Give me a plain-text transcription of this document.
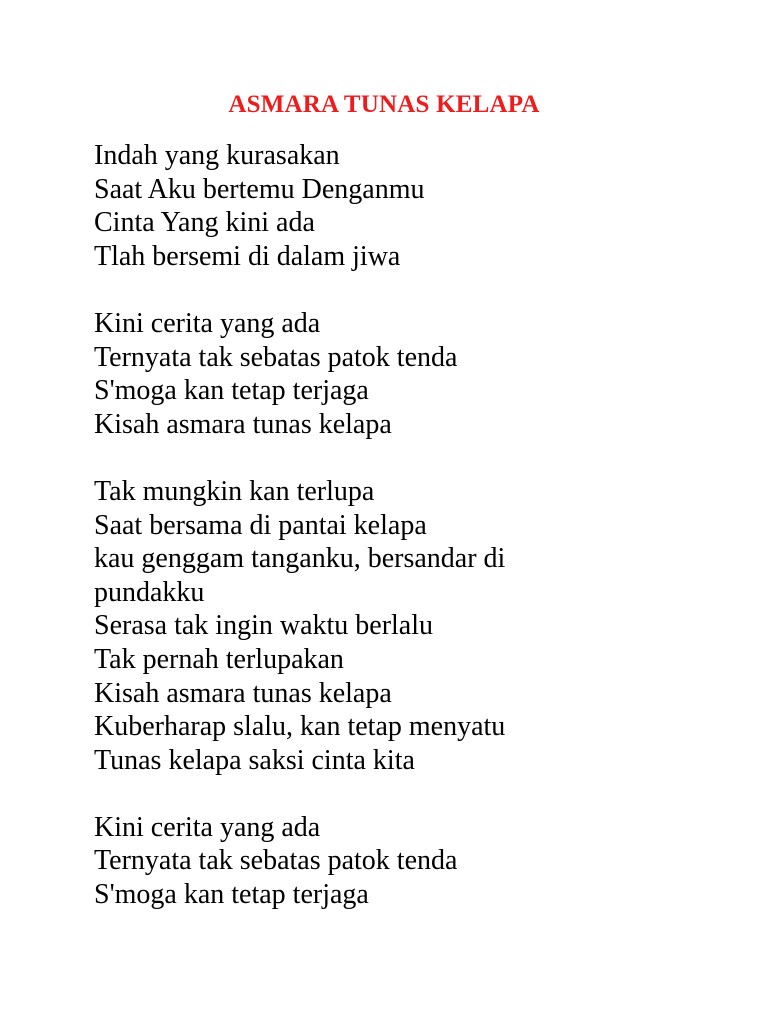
ASMARA TUNAS KELAPA
Indah yang kurasakan
Saat Aku bertemu Denganmu
Cinta Yang kini ada
Tlah bersemi di dalam jiwa
Kini cerita yang ada
Ternyata tak sebatas patok tenda
S'moga kan tetap terjaga
Kisah asmara tunas kelapa
Tak mungkin kan terlupa
Saat bersama di pantai kelapa
kau genggam tanganku, bersandar di
pundakku
Serasa tak ingin waktu berlalu
Tak pernah terlupakan
Kisah asmara tunas kelapa
Kuberharap slalu, kan tetap menyatu
Tunas kelapa saksi cinta kita
Kini cerita yang ada
Ternyata tak sebatas patok tenda
S'moga kan tetap terjaga
